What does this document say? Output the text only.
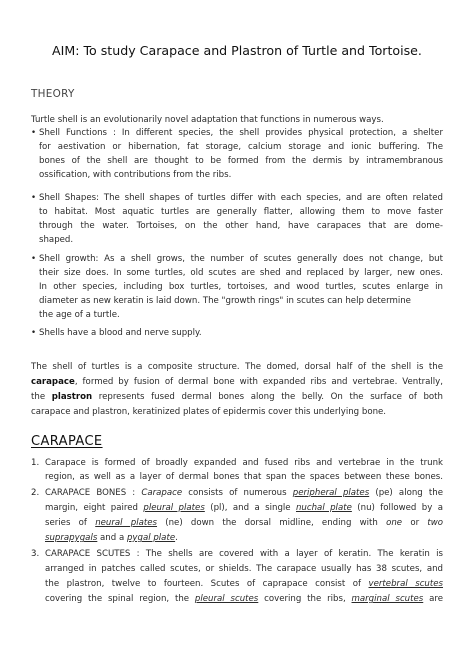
AIM: To study Carapace and Plastron of Turtle and Tortoise.
THEORY
Turtle shell is an evolutionarily novel adaptation that functions in numerous ways.
• Shell Functions : In different species, the shell provides physical protection, a shelter
for aestivation or hibernation, fat storage, calcium storage and ionic buffering. The
bones of the shell are thought to be formed from the dermis by intramembranous
ossification, with contributions from the ribs.
• Shell Shapes: The shell shapes of turtles differ with each species, and are often related
to habitat. Most aquatic turtles are generally flatter, allowing them to move faster
through the water. Tortoises, on the other hand, have carapaces that are dome-
shaped.
• Shell growth: As a shell grows, the number of scutes generally does not change, but
their size does. In some turtles, old scutes are shed and replaced by larger, new ones.
In other species, including box turtles, tortoises, and wood turtles, scutes enlarge in
diameter as new keratin is laid down. The "growth rings" in scutes can help determine
the age of a turtle.
• Shells have a blood and nerve supply.
The shell of turtles is a composite structure. The domed, dorsal half of the shell is the
carapace, formed by fusion of dermal bone with expanded ribs and vertebrae. Ventrally,
the plastron represents fused dermal bones along the belly. On the surface of both
carapace and plastron, keratinized plates of epidermis cover this underlying bone.
CARAPACE
1. Carapace is formed of broadly expanded and fused ribs and vertebrae in the trunk
region, as well as a layer of dermal bones that span the spaces between these bones.
2. CARAPACE BONES : Carapace consists of numerous peripheral plates (pe) along the
margin, eight paired pleural plates (pl), and a single nuchal plate (nu) followed by a
series of neural plates (ne) down the dorsal midline, ending with one or two
suprapygals and a pygal plate.
3. CARAPACE SCUTES : The shells are covered with a layer of keratin. The keratin is
arranged in patches called scutes, or shields. The carapace usually has 38 scutes, and
the plastron, twelve to fourteen. Scutes of caprapace consist of vertebral scutes
covering the spinal region, the pleural scutes covering the ribs, marginal scutes are
